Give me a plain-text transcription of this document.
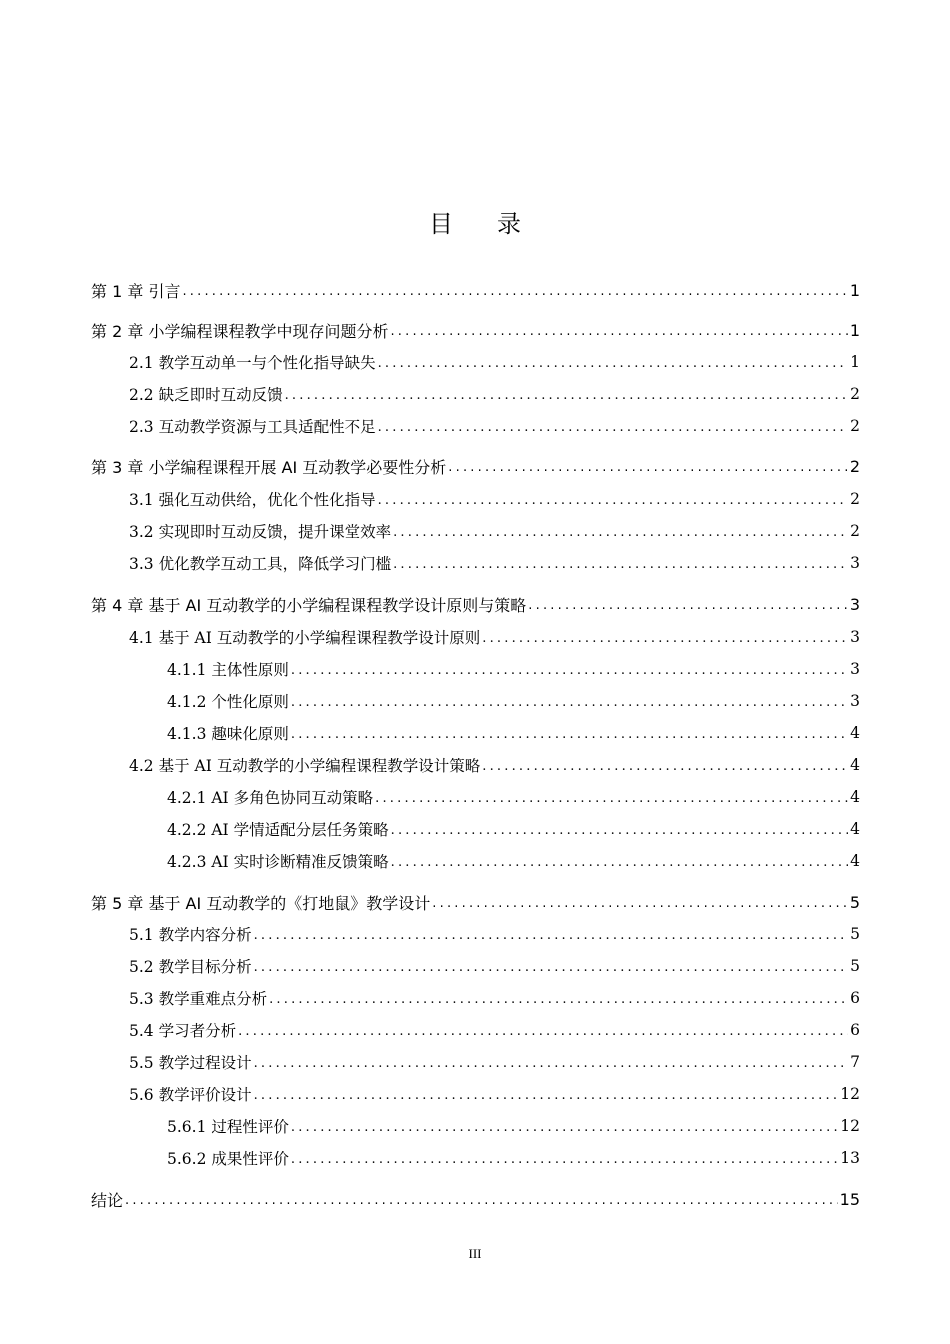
目 录
第 1 章 引言 .....	1
第 2 章 小学编程课程教学中现存问题分析 .....	1
2.1 教学互动单一与个性化指导缺失 .....	1
2.2 缺乏即时互动反馈 .....	2
2.3 互动教学资源与工具适配性不足 .....	2
第 3 章 小学编程课程开展 AI 互动教学必要性分析 .....	2
3.1 强化互动供给，优化个性化指导 .....	2
3.2 实现即时互动反馈，提升课堂效率 .....	2
3.3 优化教学互动工具，降低学习门槛 .....	3
第 4 章 基于 AI 互动教学的小学编程课程教学设计原则与策略 .....	3
4.1 基于 AI 互动教学的小学编程课程教学设计原则 .....	3
4.1.1 主体性原则 .....	3
4.1.2 个性化原则 .....	3
4.1.3 趣味化原则 .....	4
4.2 基于 AI 互动教学的小学编程课程教学设计策略 .....	4
4.2.1 AI 多角色协同互动策略 .....	4
4.2.2 AI 学情适配分层任务策略 .....	4
4.2.3 AI 实时诊断精准反馈策略 .....	4
第 5 章 基于 AI 互动教学的《打地鼠》教学设计 .....	5
5.1 教学内容分析 .....	5
5.2 教学目标分析 .....	5
5.3 教学重难点分析 .....	6
5.4 学习者分析 .....	6
5.5 教学过程设计 .....	7
5.6 教学评价设计 .....	12
5.6.1 过程性评价 .....	12
5.6.2 成果性评价 .....	13
结论 .....	15
III
